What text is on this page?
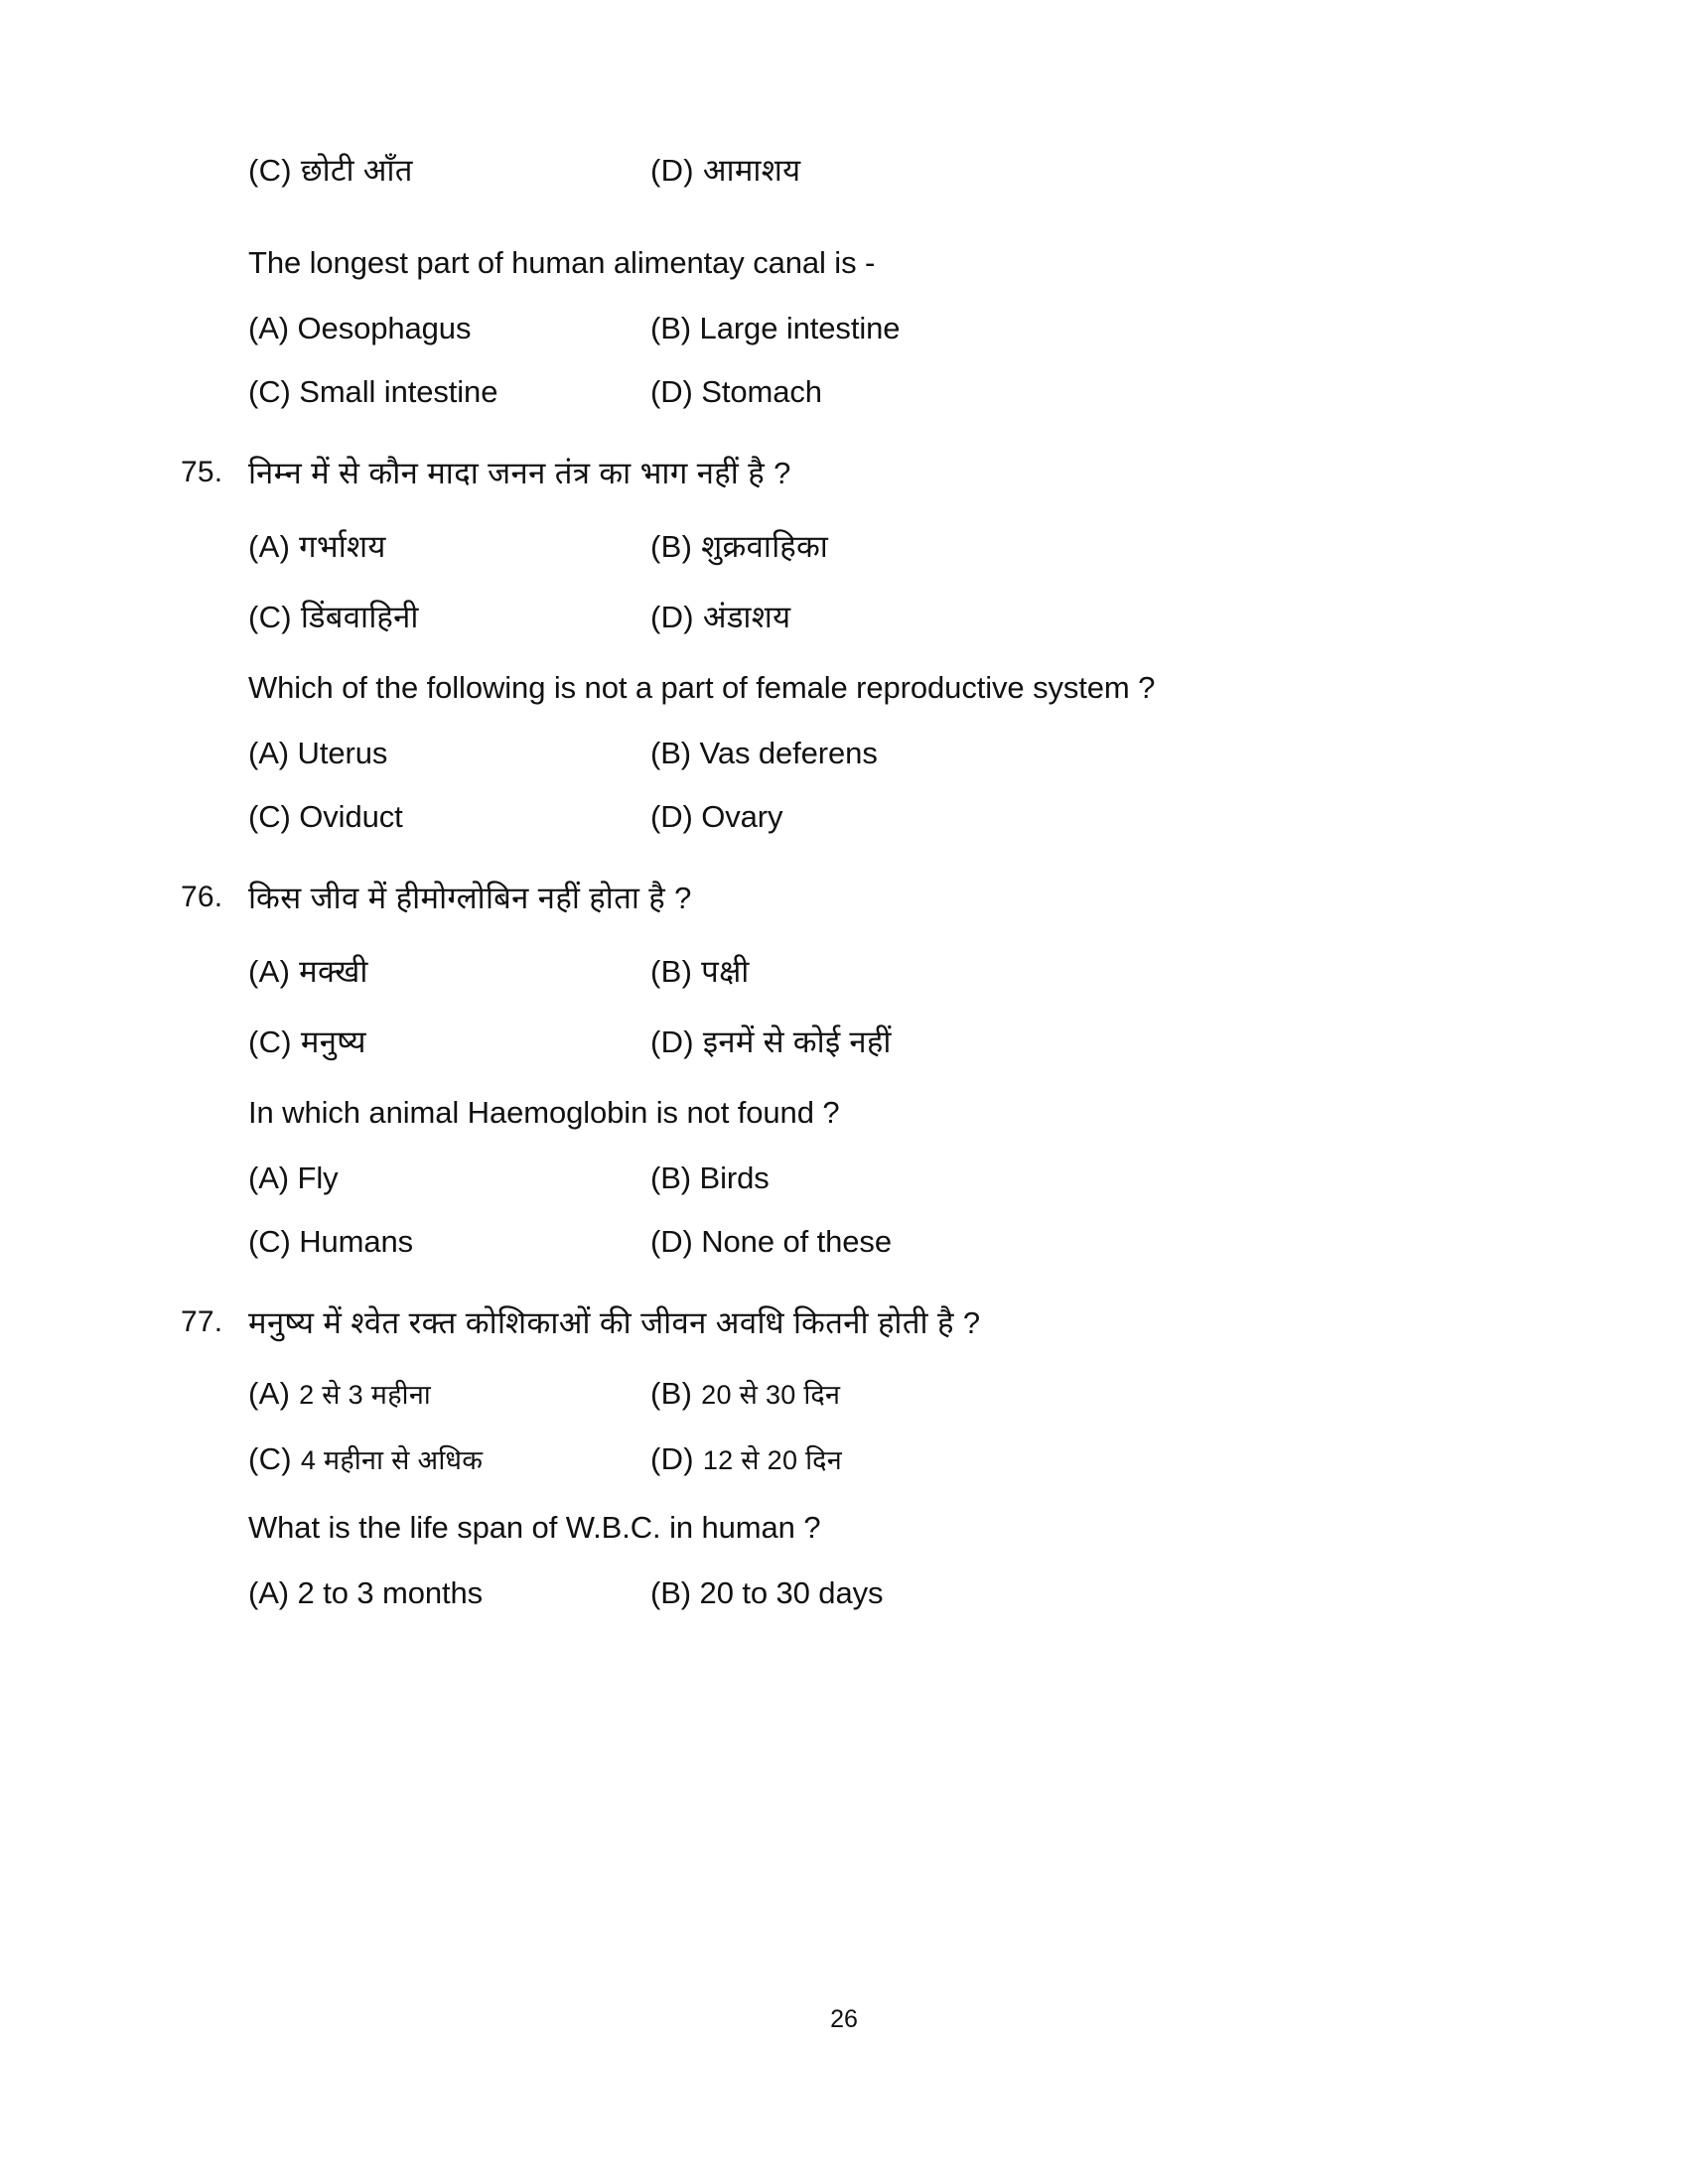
(C) छोटी आँत	(D) आमाशय
The longest part of human alimentay canal is -
(A) Oesophagus	(B) Large intestine
(C) Small intestine	(D) Stomach
75. निम्न में से कौन मादा जनन तंत्र का भाग नहीं है ?
(A) गर्भाशय	(B) शुक्रवाहिका
(C) डिंबवाहिनी	(D) अंडाशय
Which of the following is not a part of female reproductive system ?
(A) Uterus	(B) Vas deferens
(C) Oviduct	(D) Ovary
76. किस जीव में हीमोग्लोबिन नहीं होता है ?
(A) मक्खी	(B) पक्षी
(C) मनुष्य	(D) इनमें से कोई नहीं
In which animal Haemoglobin is not found ?
(A) Fly	(B) Birds
(C) Humans	(D) None of these
77. मनुष्य में श्वेत रक्त कोशिकाओं की जीवन अवधि कितनी होती है ?
(A) 2 से 3 महीना	(B) 20 से 30 दिन
(C) 4 महीना से अधिक	(D) 12 से 20 दिन
What is the life span of W.B.C. in human ?
(A) 2 to 3 months	(B) 20 to 30 days
26
